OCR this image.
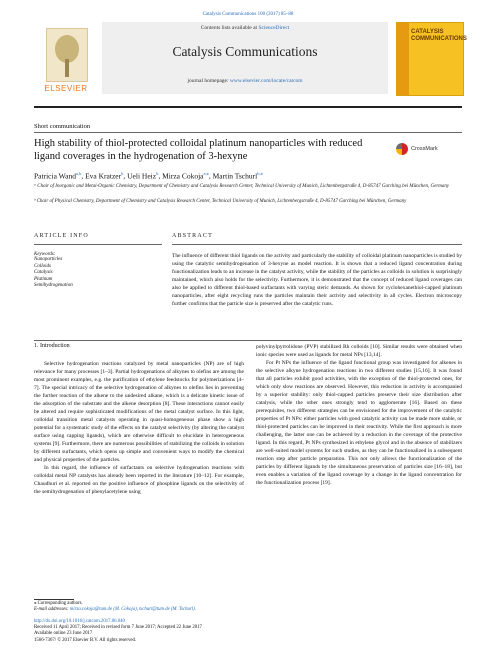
Catalysis Communications 100 (2017) 85–88
ELSEVIER
Contents lists available at ScienceDirect
Catalysis Communications
journal homepage: www.elsevier.com/locate/catcom
CATALYSIS
COMMUNICATIONS
Short communication
High stability of thiol-protected colloidal platinum nanoparticles with reduced ligand coverages in the hydrogenation of 3-hexyne
CrossMark
Patricia Wand$^{a,b}$, Eva Kratzer$^b$, Ueli Heiz$^b$, Mirza Cokoja$^{a,⁎}$, Martin Tschurl$^{b,⁎}$
ᵃ Chair of Inorganic and Metal-Organic Chemistry, Department of Chemistry and Catalysis Research Center, Technical University of Munich, Lichtenbergstraße 4, D-85747 Garching bei München, Germany
ᵇ Chair of Physical Chemistry, Department of Chemistry and Catalysis Research Center, Technical University of Munich, Lichtenbergstraße 4, D-85747 Garching bei München, Germany
ARTICLE INFO
Keywords:
Nanoparticles
Colloids
Catalysis
Platinum
Semihydrogenation
ABSTRACT
The influence of different thiol ligands on the activity and particularly the stability of colloidal platinum nanoparticles is studied by using the catalytic semihydrogenation of 3-hexyne as model reaction. It is shown that a reduced ligand concentration during functionalization leads to an increase in the catalyst activity, while the stability of the particles as colloids in solution is surprisingly maintained, which also holds for the selectivity. Furthermore, it is demonstrated that the concept of reduced ligand coverages can also be applied to different thiol-based surfactants with varying steric demands. As shown for cyclohexanethiol-capped platinum nanoparticles, after eight recycling runs the particles maintain their activity and selectivity in all cycles. Electron microscopy further confirms that the particle size is preserved after the catalytic runs.
1. Introduction

Selective hydrogenation reactions catalyzed by metal nanoparticles (NP) are of high relevance for many processes [1–3]. Partial hydrogenations of alkynes to olefins are among the most prominent examples, e.g. the purification of ethylene feedstocks for polymerizations [4–7]. The special intricacy of the selective hydrogenation of alkynes to olefins lies in preventing the further reaction of the alkene to the undesired alkane, which is a delicate kinetic issue of the adsorption of the substrate and the alkene desorption [8]. These interactions cannot easily be altered and require sophisticated modifications of the metal catalyst surface. In this light, colloidal transition metal catalysts operating in quasi-homogeneous phase show a high potential for a systematic study of the effects on the catalyst selectivity (by altering the catalyst surface using capping ligands), which are otherwise difficult to elucidate in heterogeneous systems [9]. Furthermore, there are numerous possibilities of stabilizing the colloids in solution by different surfactants, which opens up simple and convenient ways to modify the chemical and physical properties of the particles.

In this regard, the influence of surfactants on selective hydrogenation reactions with colloidal metal NP catalysts has already been reported in the literature [10–12]. For example, Chaudhuri et al. reported on the positive influence of phosphine ligands on the selectivity of the semihydrogenation of phenylacetylene using

polyvinylpyrrolidone (PVP) stabilized Rh colloids [10]. Similar results were obtained when ionic species were used as ligands for metal NPs [13,14].

For Pt NPs the influence of the ligand functional group was investigated for alkenes in the selective alkyne hydrogenation reactions in two different studies [15,16]. It was found that all particles exhibit good activities, with the exception of the thiol-protected ones, for which only slow reactions are observed. However, this reduction in activity is accompanied by a superior stability: only thiol-capped particles preserve their size distribution after catalysis, while the other ones strongly tend to agglomerate [16]. Based on these prerequisites, two different strategies can be envisioned for the improvement of the catalytic properties of Pt NPs: either particles with good catalytic activity can be made more stable, or thiol-protected particles can be improved in their reactivity. While the first approach is more challenging, the latter one can be achieved by a reduction in the coverage of the protective ligand. In this regard, Pt NPs synthesized in ethylene glycol and in the absence of stabilizers are well-suited model systems for such studies, as they can be functionalized in a subsequent reaction step after particle preparation. This not only allows the functionalization of the particles by different ligands by the simultaneous preservation of particles size [16–18], but even enables a variation of the ligand coverage by a change in the ligand concentration for the functionalization process [19].

⁎ Corresponding authors.
E-mail addresses: mirza.cokoja@tum.de (M. Cokoja), tschurl@tum.de (M. Tschurl).
http://dx.doi.org/10.1016/j.catcom.2017.06.040
Received 11 April 2017; Received in revised form 7 June 2017; Accepted 22 June 2017
Available online 23 June 2017
1566-7367/ © 2017 Elsevier B.V. All rights reserved.
